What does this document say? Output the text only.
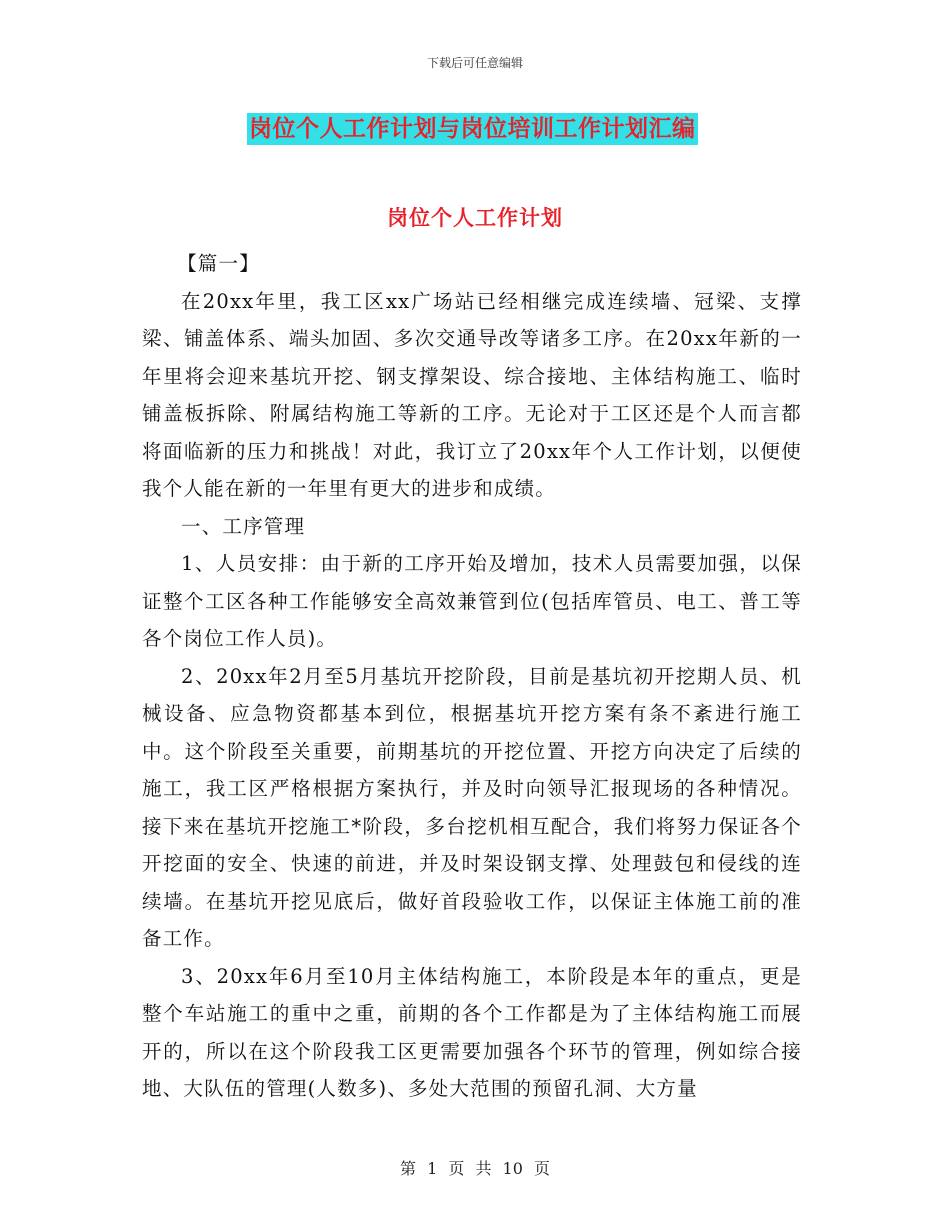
下载后可任意编辑
岗位个人工作计划与岗位培训工作计划汇编
岗位个人工作计划

【篇一】

在20xx年里，我工区xx广场站已经相继完成连续墙、冠梁、支撑梁、铺盖体系、端头加固、多次交通导改等诸多工序。在20xx年新的一年里将会迎来基坑开挖、钢支撑架设、综合接地、主体结构施工、临时铺盖板拆除、附属结构施工等新的工序。无论对于工区还是个人而言都将面临新的压力和挑战！对此，我订立了20xx年个人工作计划，以便使我个人能在新的一年里有更大的进步和成绩。

一、工序管理

1、人员安排：由于新的工序开始及增加，技术人员需要加强，以保证整个工区各种工作能够安全高效兼管到位(包括库管员、电工、普工等各个岗位工作人员)。

2、20xx年2月至5月基坑开挖阶段，目前是基坑初开挖期人员、机械设备、应急物资都基本到位，根据基坑开挖方案有条不紊进行施工中。这个阶段至关重要，前期基坑的开挖位置、开挖方向决定了后续的施工，我工区严格根据方案执行，并及时向领导汇报现场的各种情况。接下来在基坑开挖施工*阶段，多台挖机相互配合，我们将努力保证各个开挖面的安全、快速的前进，并及时架设钢支撑、处理鼓包和侵线的连续墙。在基坑开挖见底后，做好首段验收工作，以保证主体施工前的准备工作。

3、20xx年6月至10月主体结构施工，本阶段是本年的重点，更是整个车站施工的重中之重，前期的各个工作都是为了主体结构施工而展开的，所以在这个阶段我工区更需要加强各个环节的管理，例如综合接地、大队伍的管理(人数多)、多处大范围的预留孔洞、大方量

第 1 页 共 10 页
